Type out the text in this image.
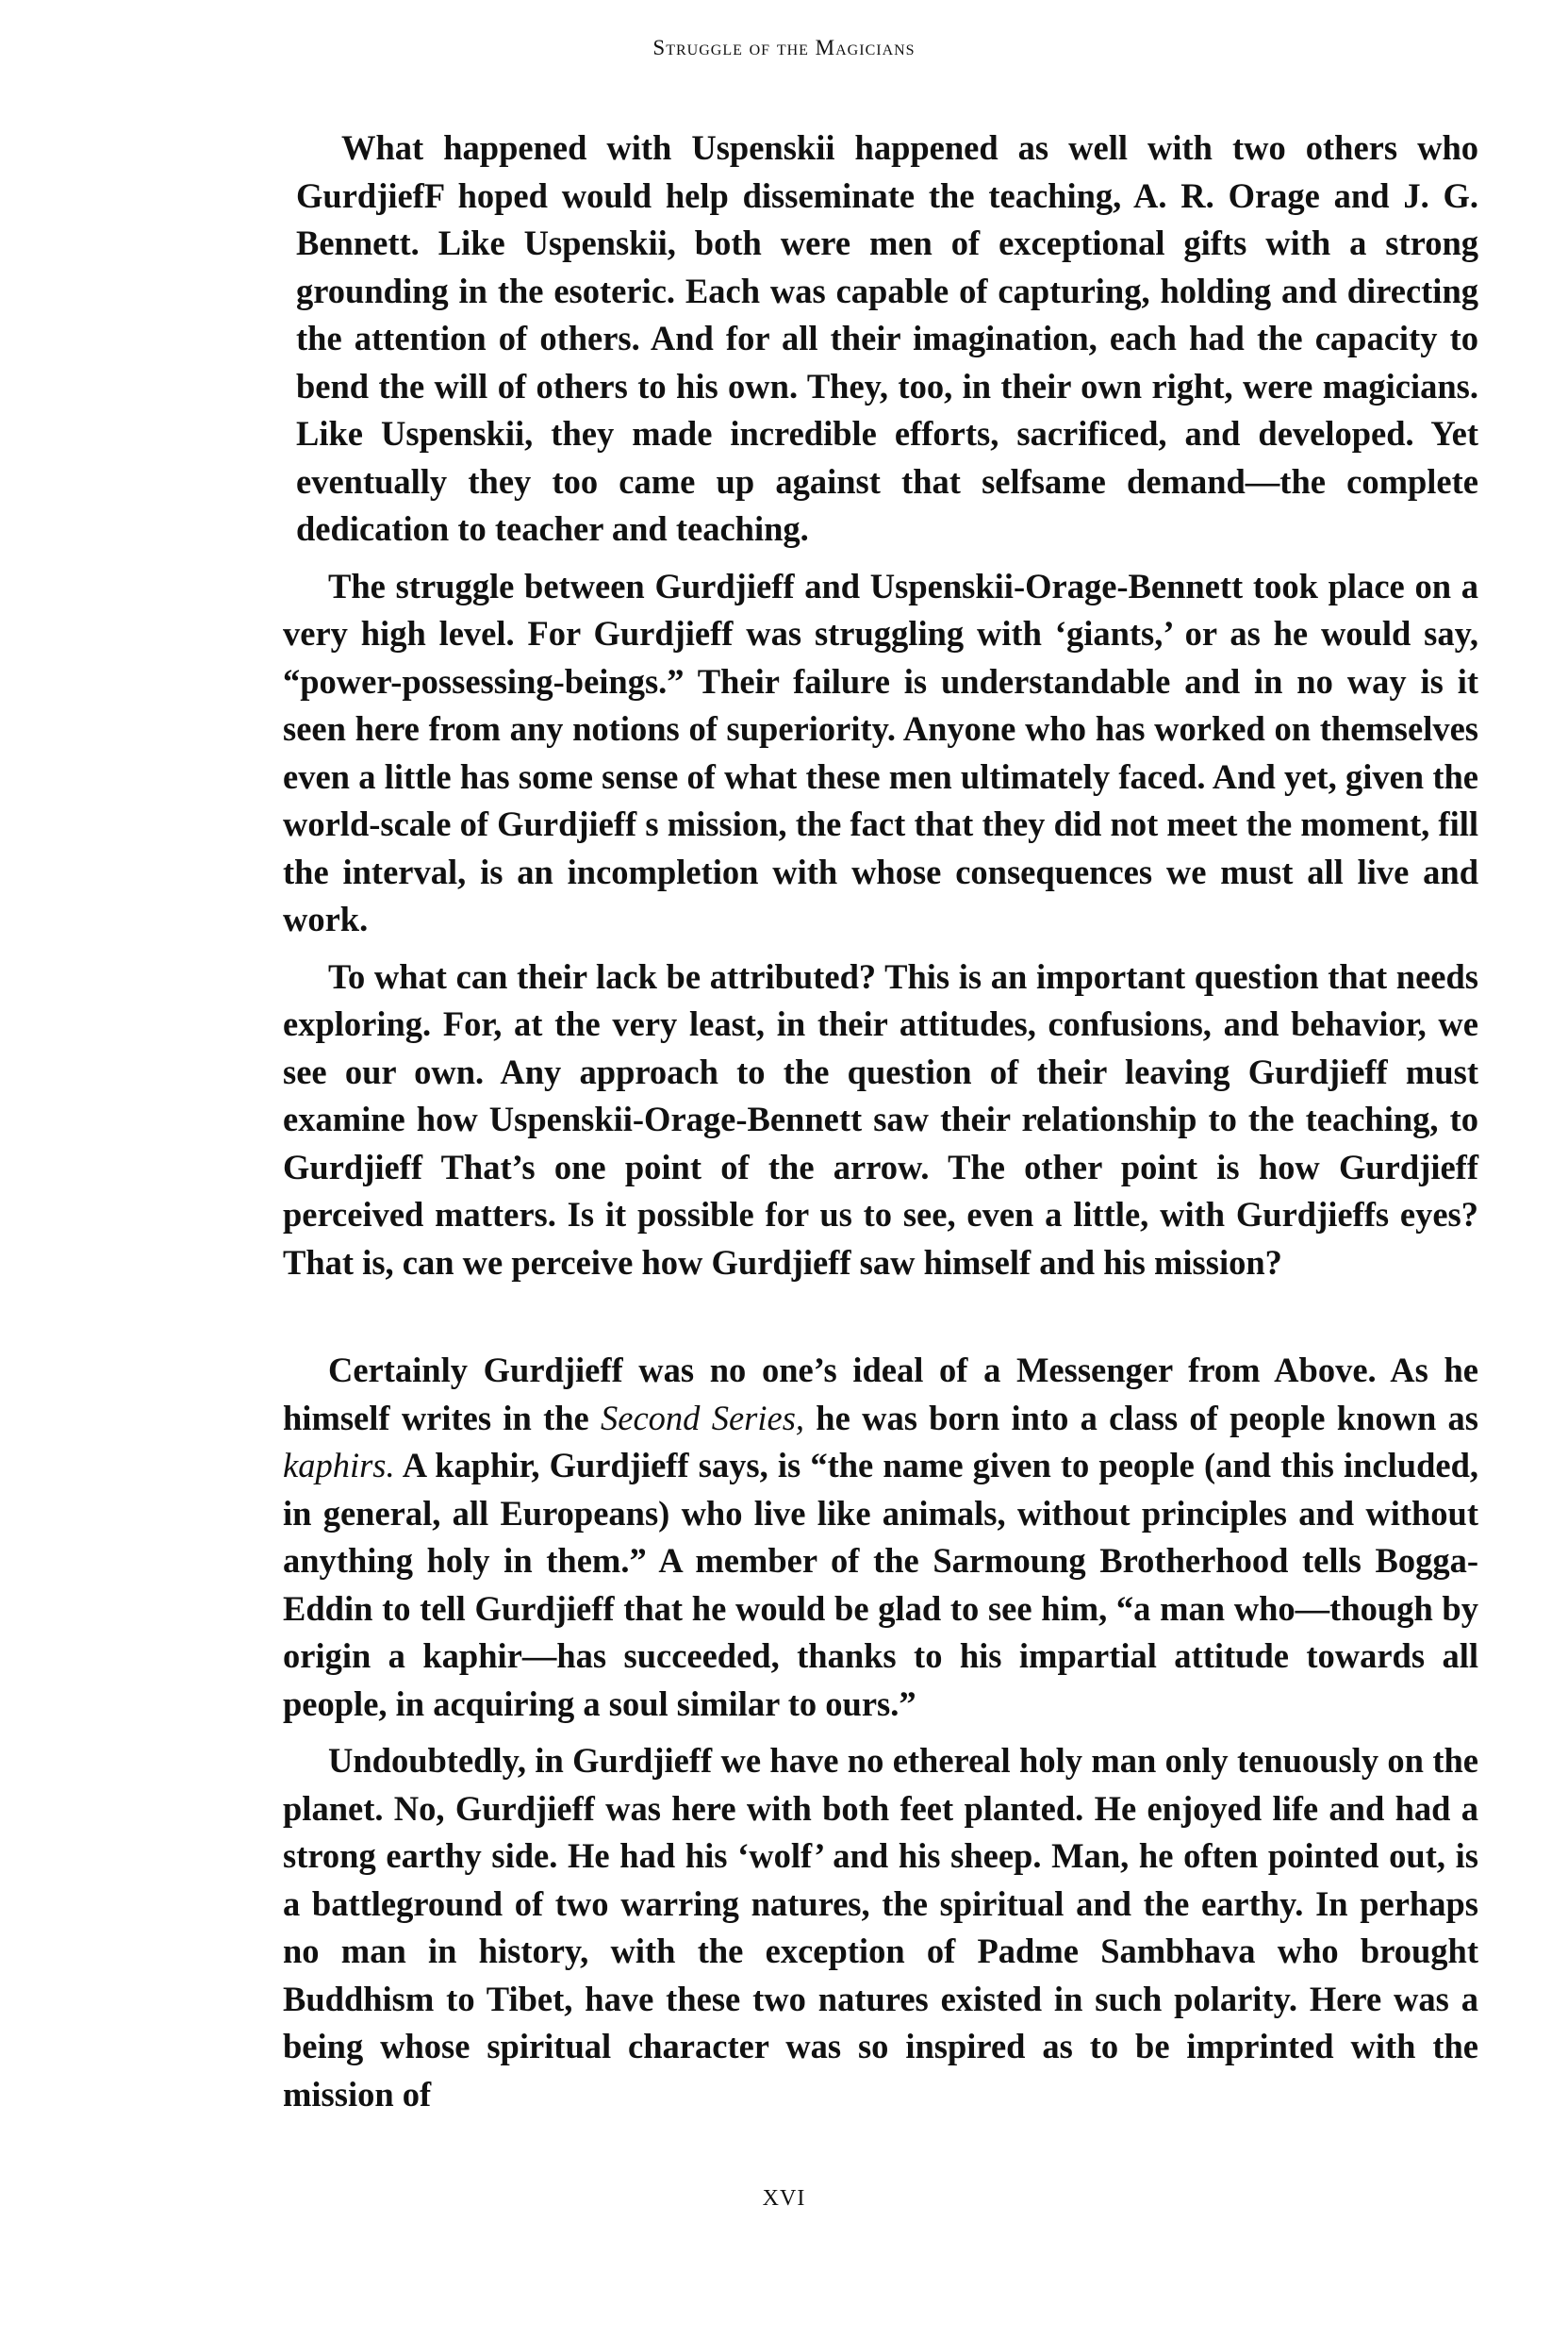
Struggle of the Magicians

What happened with Uspenskii happened as well with two others who GurdjiefF hoped would help disseminate the teaching, A. R. Orage and J. G. Bennett. Like Uspenskii, both were men of exceptional gifts with a strong grounding in the esoteric. Each was capable of capturing, holding and directing the attention of others. And for all their imagination, each had the capacity to bend the will of others to his own. They, too, in their own right, were magicians. Like Uspenskii, they made incredible efforts, sacrificed, and developed. Yet eventually they too came up against that selfsame demand—the complete dedication to teacher and teaching.

The struggle between Gurdjieff and Uspenskii-Orage-Bennett took place on a very high level. For Gurdjieff was struggling with ‘giants,’ or as he would say, “power-possessing-beings.” Their failure is understandable and in no way is it seen here from any notions of superiority. Anyone who has worked on themselves even a little has some sense of what these men ultimately faced. And yet, given the world-scale of Gurdjieff s mission, the fact that they did not meet the moment, fill the interval, is an incompletion with whose consequences we must all live and work.

To what can their lack be attributed? This is an important question that needs exploring. For, at the very least, in their attitudes, confusions, and behavior, we see our own. Any approach to the question of their leaving Gurdjieff must examine how Uspenskii-Orage-Bennett saw their relationship to the teaching, to Gurdjieff That’s one point of the arrow. The other point is how Gurdjieff perceived matters. Is it possible for us to see, even a little, with Gurdjieffs eyes? That is, can we perceive how Gurdjieff saw himself and his mission?

Certainly Gurdjieff was no one’s ideal of a Messenger from Above. As he himself writes in the Second Series, he was born into a class of people known as kaphirs. A kaphir, Gurdjieff says, is “the name given to people (and this included, in general, all Europeans) who live like animals, without principles and without anything holy in them.” A member of the Sarmoung Brotherhood tells Bogga-Eddin to tell Gurdjieff that he would be glad to see him, “a man who—though by origin a kaphir—has succeeded, thanks to his impartial attitude towards all people, in acquiring a soul similar to ours.”

Undoubtedly, in Gurdjieff we have no ethereal holy man only tenuously on the planet. No, Gurdjieff was here with both feet planted. He enjoyed life and had a strong earthy side. He had his ‘wolf’ and his sheep. Man, he often pointed out, is a battleground of two warring natures, the spiritual and the earthy. In perhaps no man in history, with the exception of Padme Sambhava who brought Buddhism to Tibet, have these two natures existed in such polarity. Here was a being whose spiritual character was so inspired as to be imprinted with the mission of

XVI
